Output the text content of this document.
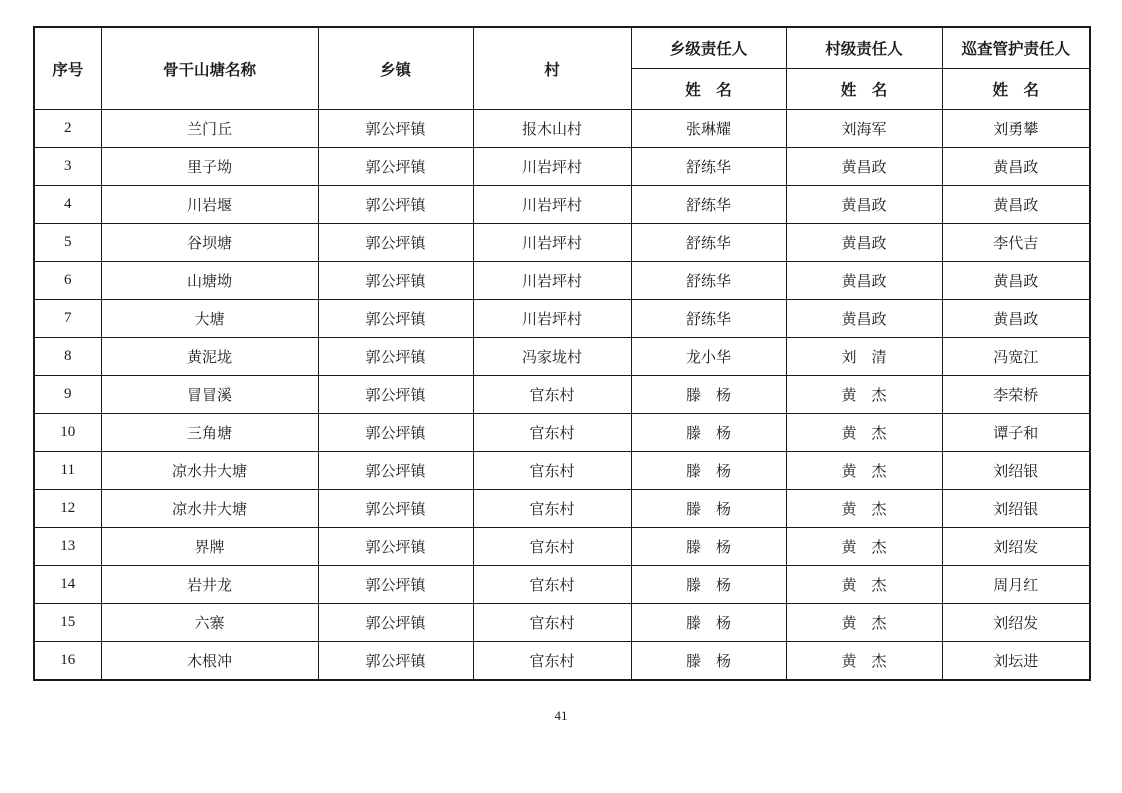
序号	骨干山塘名称	乡镇	村	乡级责任人	村级责任人	巡查管护责任人
				姓　名	姓　名	姓　名
2	兰门丘	郭公坪镇	报木山村	张琳耀	刘海军	刘勇攀
3	里子坳	郭公坪镇	川岩坪村	舒练华	黄昌政	黄昌政
4	川岩堰	郭公坪镇	川岩坪村	舒练华	黄昌政	黄昌政
5	谷坝塘	郭公坪镇	川岩坪村	舒练华	黄昌政	李代吉
6	山塘坳	郭公坪镇	川岩坪村	舒练华	黄昌政	黄昌政
7	大塘	郭公坪镇	川岩坪村	舒练华	黄昌政	黄昌政
8	黄泥垅	郭公坪镇	冯家垅村	龙小华	刘　清	冯宽江
9	冒冒溪	郭公坪镇	官东村	滕　杨	黄　杰	李荣桥
10	三角塘	郭公坪镇	官东村	滕　杨	黄　杰	谭子和
11	凉水井大塘	郭公坪镇	官东村	滕　杨	黄　杰	刘绍银
12	凉水井大塘	郭公坪镇	官东村	滕　杨	黄　杰	刘绍银
13	界牌	郭公坪镇	官东村	滕　杨	黄　杰	刘绍发
14	岩井龙	郭公坪镇	官东村	滕　杨	黄　杰	周月红
15	六寨	郭公坪镇	官东村	滕　杨	黄　杰	刘绍发
16	木根冲	郭公坪镇	官东村	滕　杨	黄　杰	刘坛进
41
